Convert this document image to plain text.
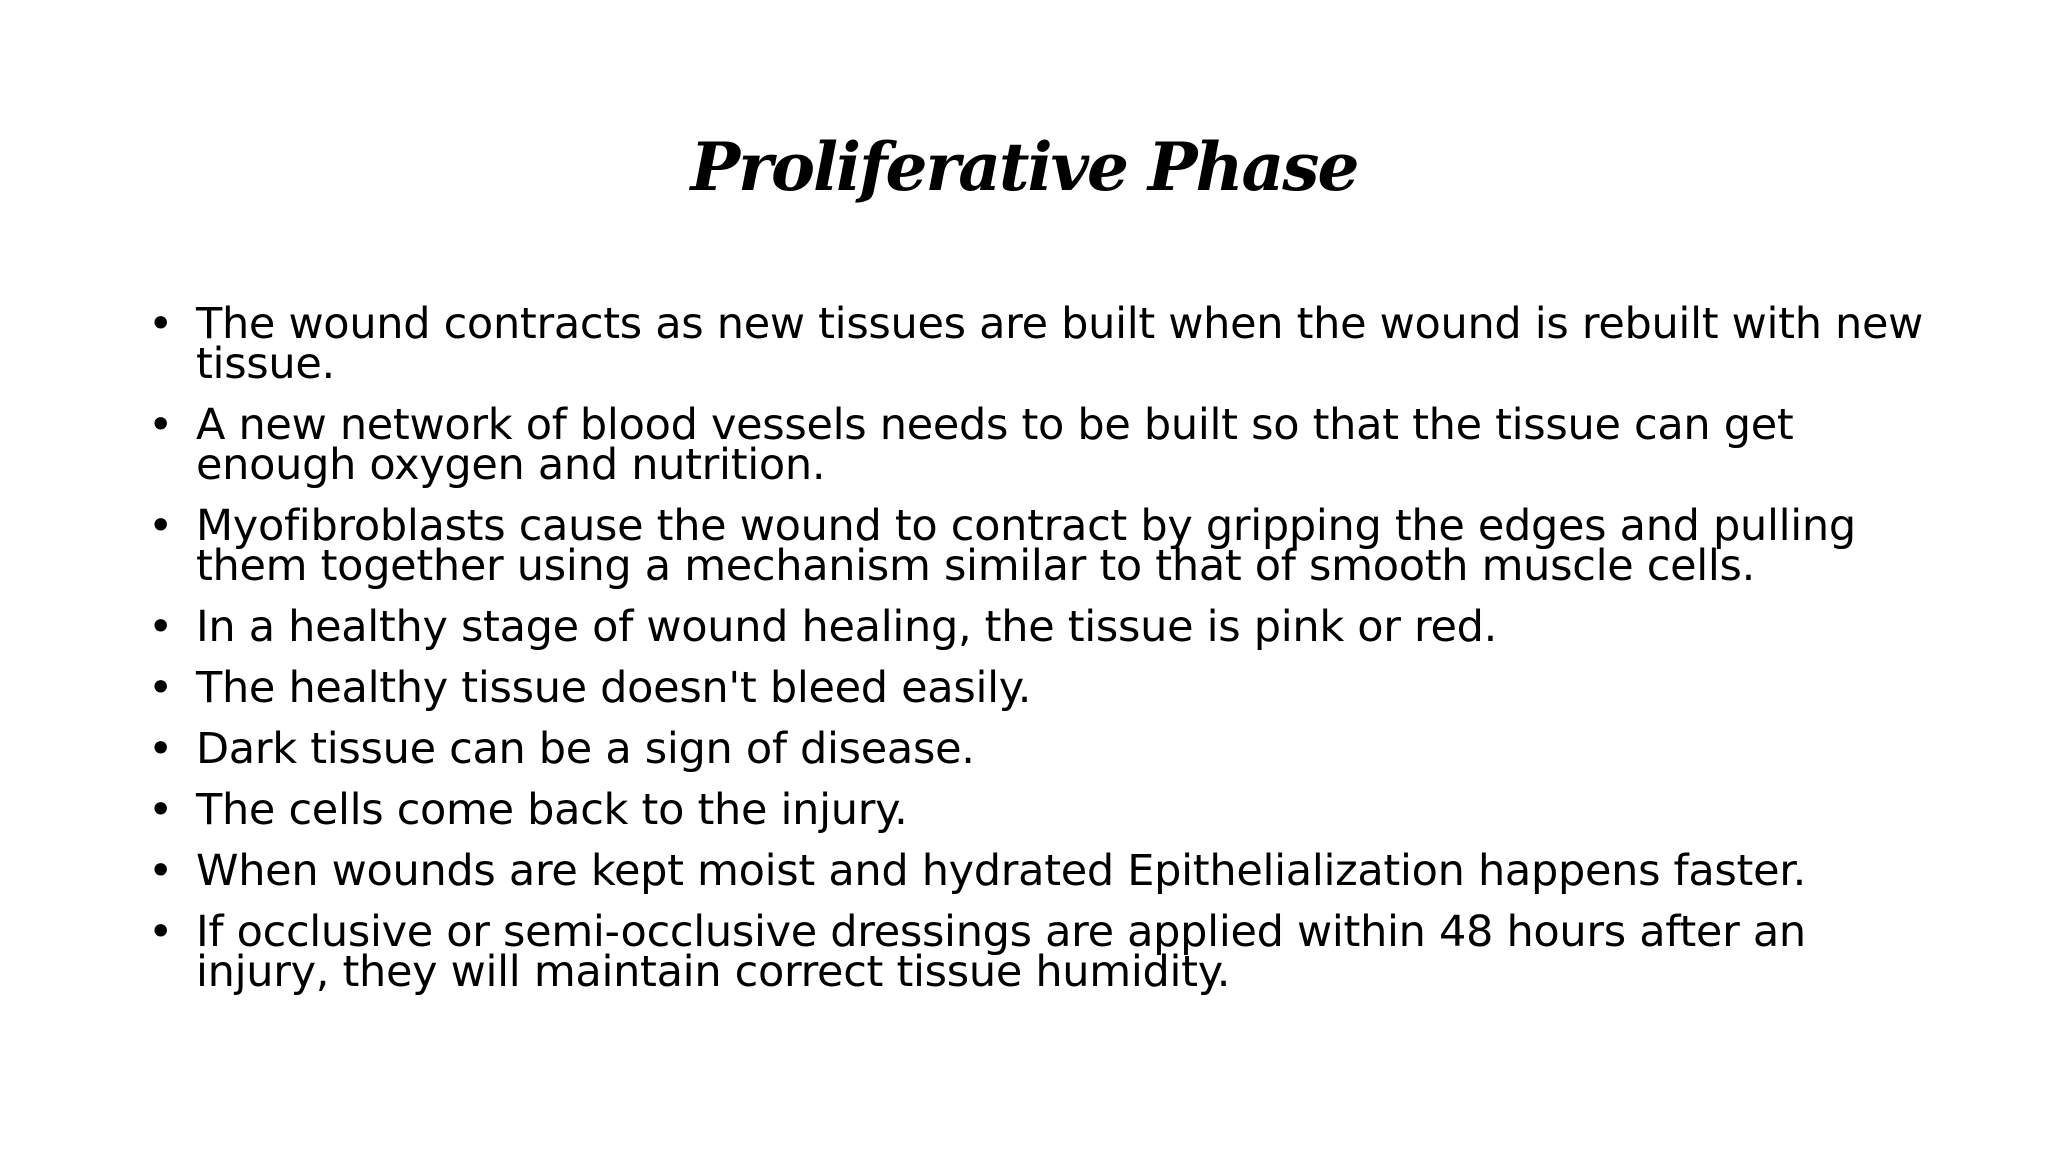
Proliferative Phase
• The wound contracts as new tissues are built when the wound is rebuilt with new tissue.
• A new network of blood vessels needs to be built so that the tissue can get enough oxygen and nutrition.
• Myofibroblasts cause the wound to contract by gripping the edges and pulling them together using a mechanism similar to that of smooth muscle cells.
• In a healthy stage of wound healing, the tissue is pink or red.
• The healthy tissue doesn't bleed easily.
• Dark tissue can be a sign of disease.
• The cells come back to the injury.
• When wounds are kept moist and hydrated Epithelialization happens faster.
• If occlusive or semi-occlusive dressings are applied within 48 hours after an injury, they will maintain correct tissue humidity.
